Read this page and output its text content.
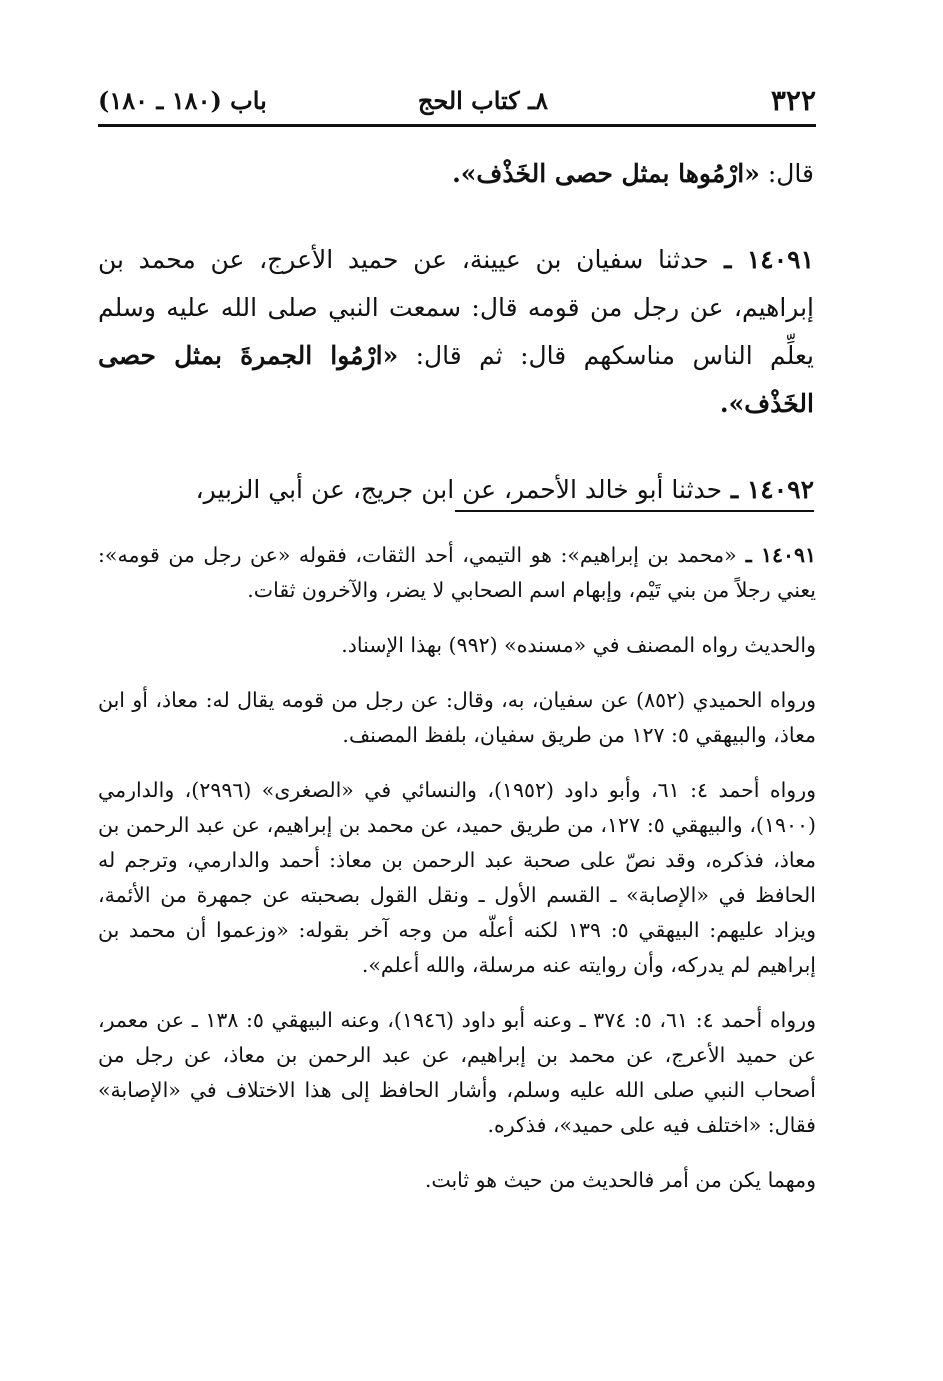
٣٢٢
٨ـ كتاب الحج
باب (١٨٠ ـ ١٨٠)

قال: «ارْمُوها بمثل حصى الخَذْف».

١٤٠٩١ ـ حدثنا سفيان بن عيينة، عن حميد الأعرج، عن محمد بن إبراهيم، عن رجل من قومه قال: سمعت النبي صلى الله عليه وسلم يعلِّم الناس مناسكهم قال: ثم قال: «ارْمُوا الجمرةَ بمثل حصى الخَذْف».

١٤٠٩٢ ـ حدثنا أبو خالد الأحمر، عن ابن جريج، عن أبي الزبير،

١٤٠٩١ ـ «محمد بن إبراهيم»: هو التيمي، أحد الثقات، فقوله «عن رجل من قومه»: يعني رجلاً من بني تَيْم، وإبهام اسم الصحابي لا يضر، والآخرون ثقات.

والحديث رواه المصنف في «مسنده» (٩٩٢) بهذا الإسناد.

ورواه الحميدي (٨٥٢) عن سفيان، به، وقال: عن رجل من قومه يقال له: معاذ، أو ابن معاذ، والبيهقي ٥: ١٢٧ من طريق سفيان، بلفظ المصنف.

ورواه أحمد ٤: ٦١، وأبو داود (١٩٥٢)، والنسائي في «الصغرى» (٢٩٩٦)، والدارمي (١٩٠٠)، والبيهقي ٥: ١٢٧، من طريق حميد، عن محمد بن إبراهيم، عن عبد الرحمن بن معاذ، فذكره، وقد نصّ على صحبة عبد الرحمن بن معاذ: أحمد والدارمي، وترجم له الحافظ في «الإصابة» ـ القسم الأول ـ ونقل القول بصحبته عن جمهرة من الأئمة، ويزاد عليهم: البيهقي ٥: ١٣٩ لكنه أعلّه من وجه آخر بقوله: «وزعموا أن محمد بن إبراهيم لم يدركه، وأن روايته عنه مرسلة، والله أعلم».

ورواه أحمد ٤: ٦١، ٥: ٣٧٤ ـ وعنه أبو داود (١٩٤٦)، وعنه البيهقي ٥: ١٣٨ ـ عن معمر، عن حميد الأعرج، عن محمد بن إبراهيم، عن عبد الرحمن بن معاذ، عن رجل من أصحاب النبي صلى الله عليه وسلم، وأشار الحافظ إلى هذا الاختلاف في «الإصابة» فقال: «اختلف فيه على حميد»، فذكره.

ومهما يكن من أمر فالحديث من حيث هو ثابت.
